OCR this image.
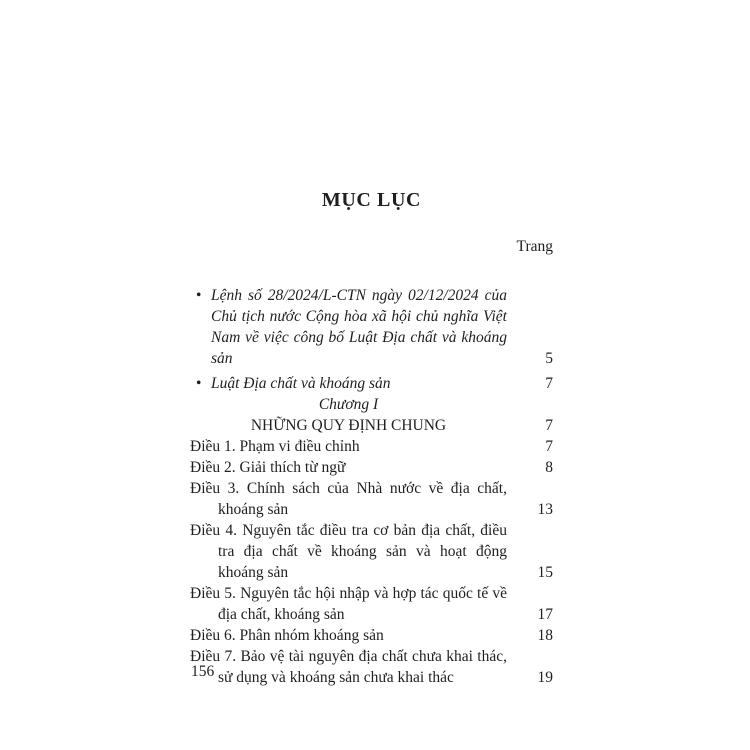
MỤC LỤC
Trang
• Lệnh số 28/2024/L-CTN ngày 02/12/2024 của Chủ tịch nước Cộng hòa xã hội chủ nghĩa Việt Nam về việc công bố Luật Địa chất và khoáng sản	5
• Luật Địa chất và khoáng sản	7
Chương I
NHỮNG QUY ĐỊNH CHUNG	7
Điều 1. Phạm vi điều chỉnh	7
Điều 2. Giải thích từ ngữ	8
Điều 3. Chính sách của Nhà nước về địa chất, khoáng sản	13
Điều 4. Nguyên tắc điều tra cơ bản địa chất, điều tra địa chất về khoáng sản và hoạt động khoáng sản	15
Điều 5. Nguyên tắc hội nhập và hợp tác quốc tế về địa chất, khoáng sản	17
Điều 6. Phân nhóm khoáng sản	18
Điều 7. Bảo vệ tài nguyên địa chất chưa khai thác, sử dụng và khoáng sản chưa khai thác	19
156
